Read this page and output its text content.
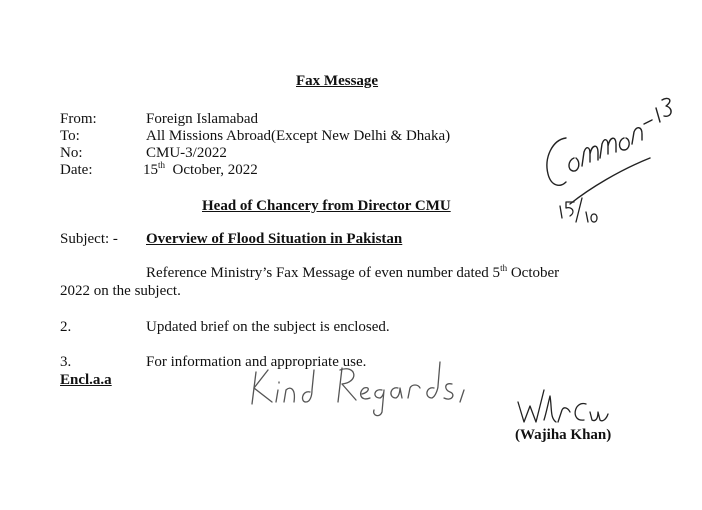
Fax Message
From:	Foreign Islamabad
To:	All Missions Abroad(Except New Delhi & Dhaka)
No:	CMU-3/2022
Date:	15th October, 2022
Head of Chancery from Director CMU
Subject: - Overview of Flood Situation in Pakistan
Reference Ministry’s Fax Message of even number dated 5th October
2022 on the subject.
2.	Updated brief on the subject is enclosed.
3.	For information and appropriate use.
Encl.a.a
(Wajiha Khan)
